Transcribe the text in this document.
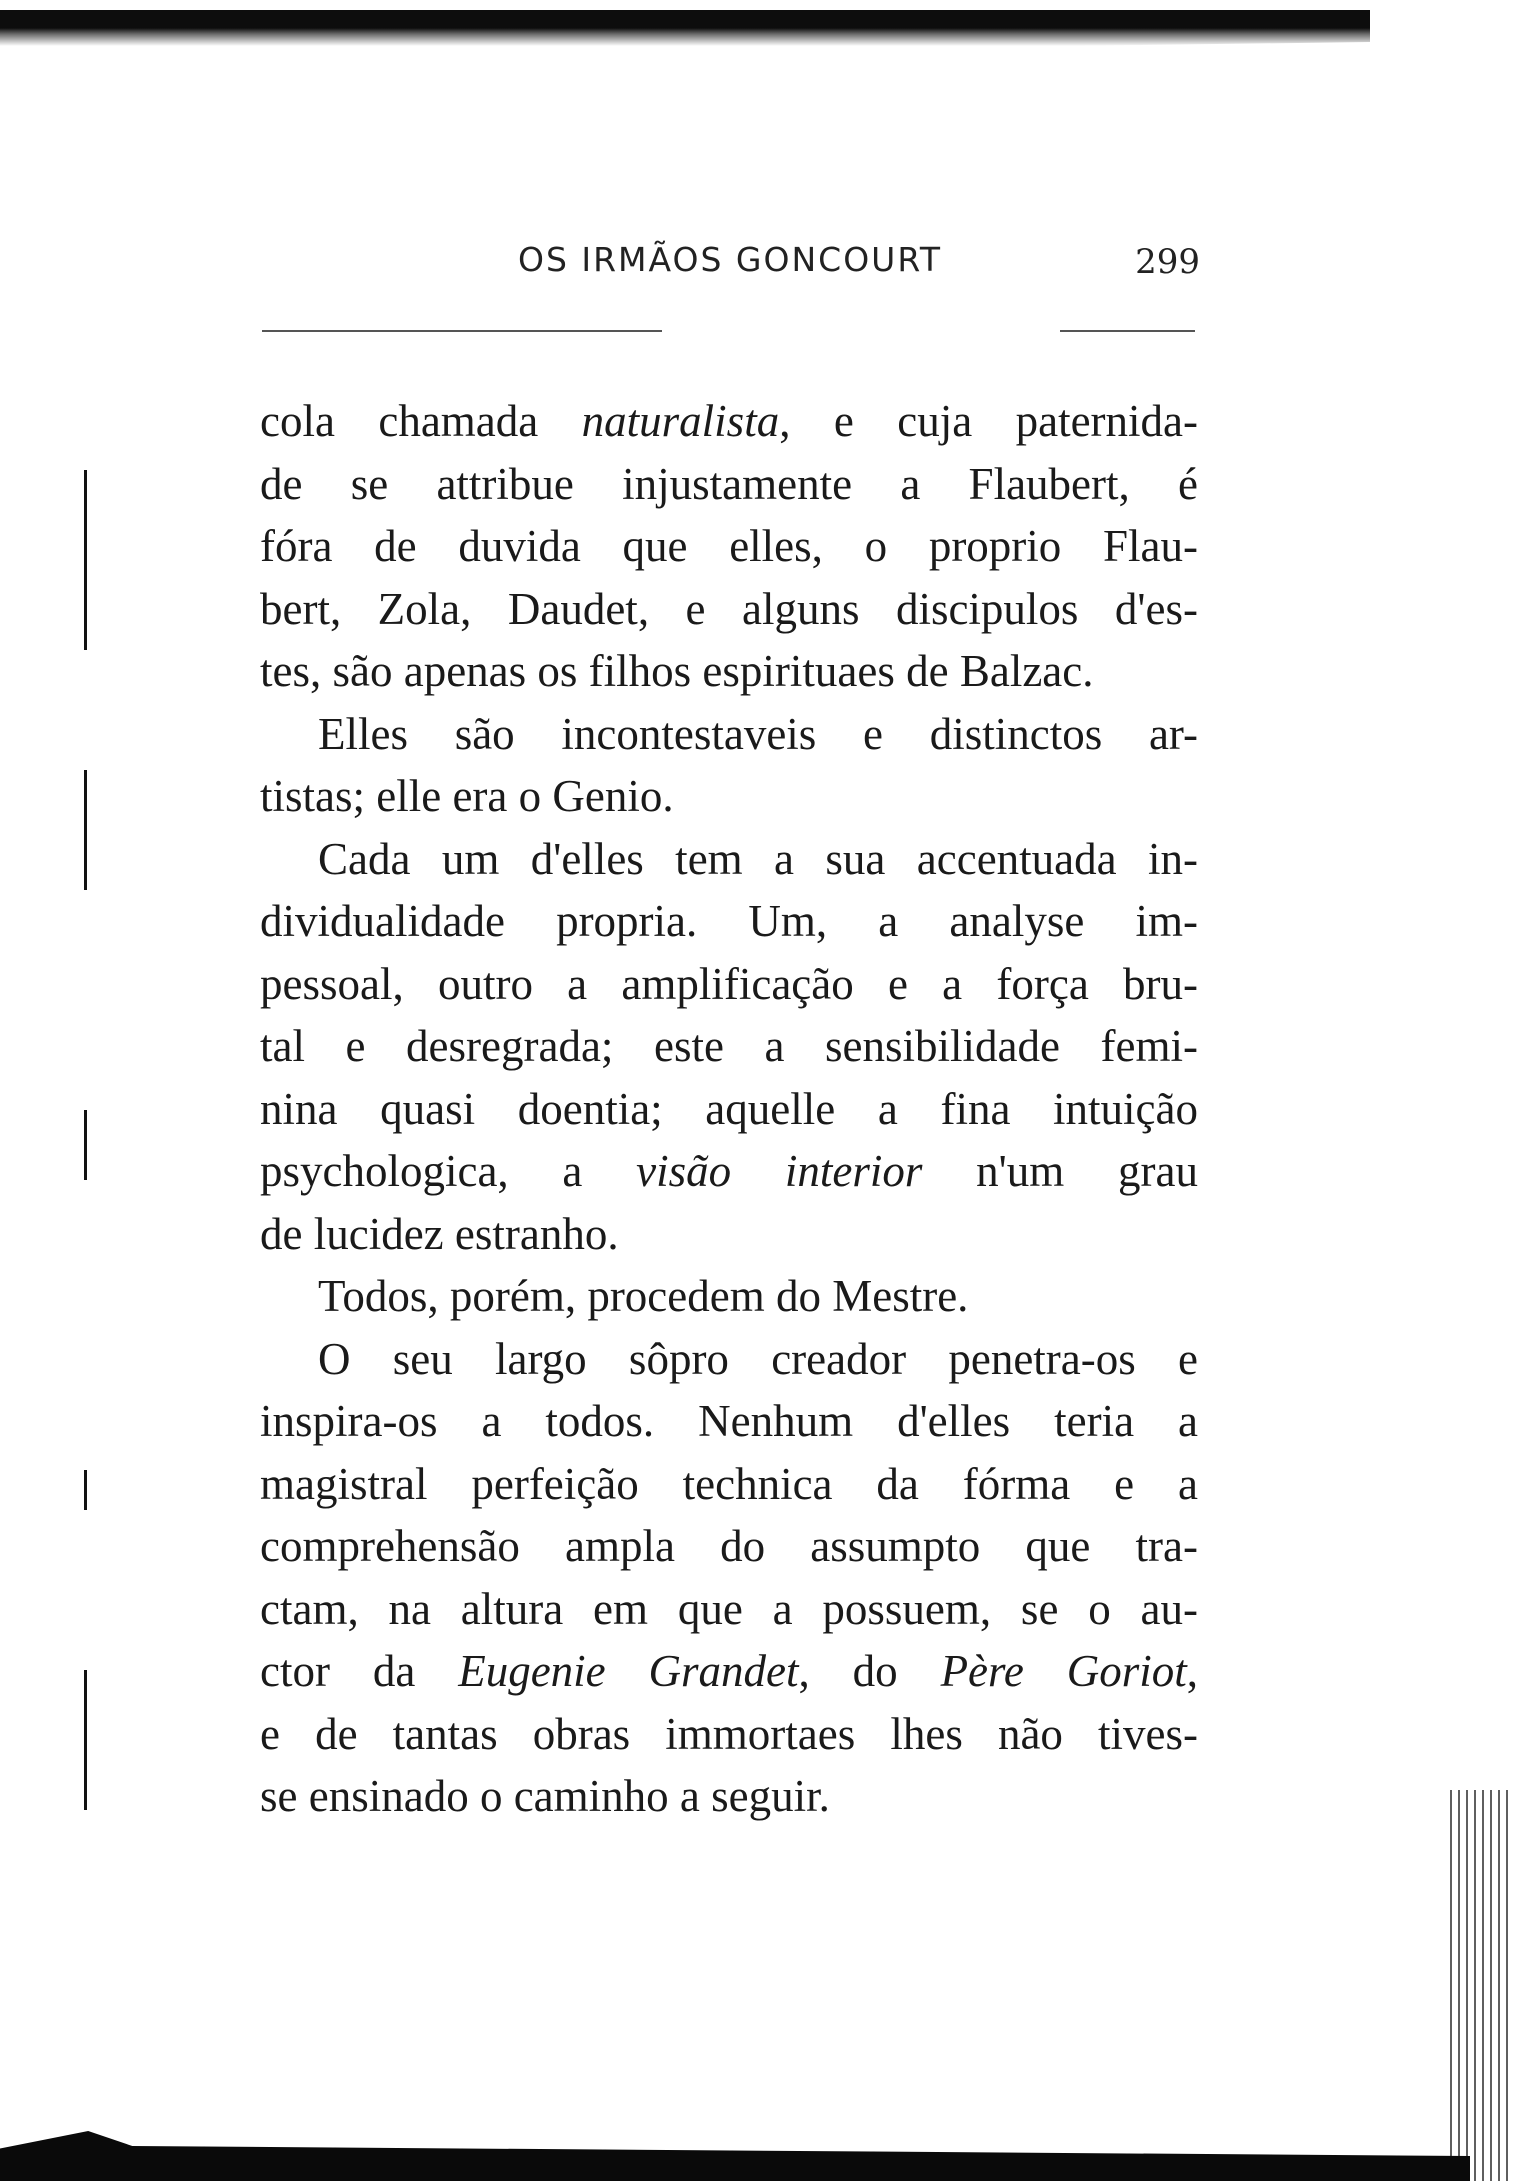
OS IRMÃOS GONCOURT	299
cola chamada naturalista, e cuja paternida-
de se attribue injustamente a Flaubert, é
fóra de duvida que elles, o proprio Flau-
bert, Zola, Daudet, e alguns discipulos d'es-
tes, são apenas os filhos espirituaes de Balzac.
Elles são incontestaveis e distinctos ar-
tistas; elle era o Genio.
Cada um d'elles tem a sua accentuada in-
dividualidade propria. Um, a analyse im-
pessoal, outro a amplificação e a força bru-
tal e desregrada; este a sensibilidade femi-
nina quasi doentia; aquelle a fina intuição
psychologica, a visão interior n'um grau
de lucidez estranho.
Todos, porém, procedem do Mestre.
O seu largo sôpro creador penetra-os e
inspira-os a todos. Nenhum d'elles teria a
magistral perfeição technica da fórma e a
comprehensão ampla do assumpto que tra-
ctam, na altura em que a possuem, se o au-
ctor da Eugenie Grandet, do Père Goriot,
e de tantas obras immortaes lhes não tives-
se ensinado o caminho a seguir.
